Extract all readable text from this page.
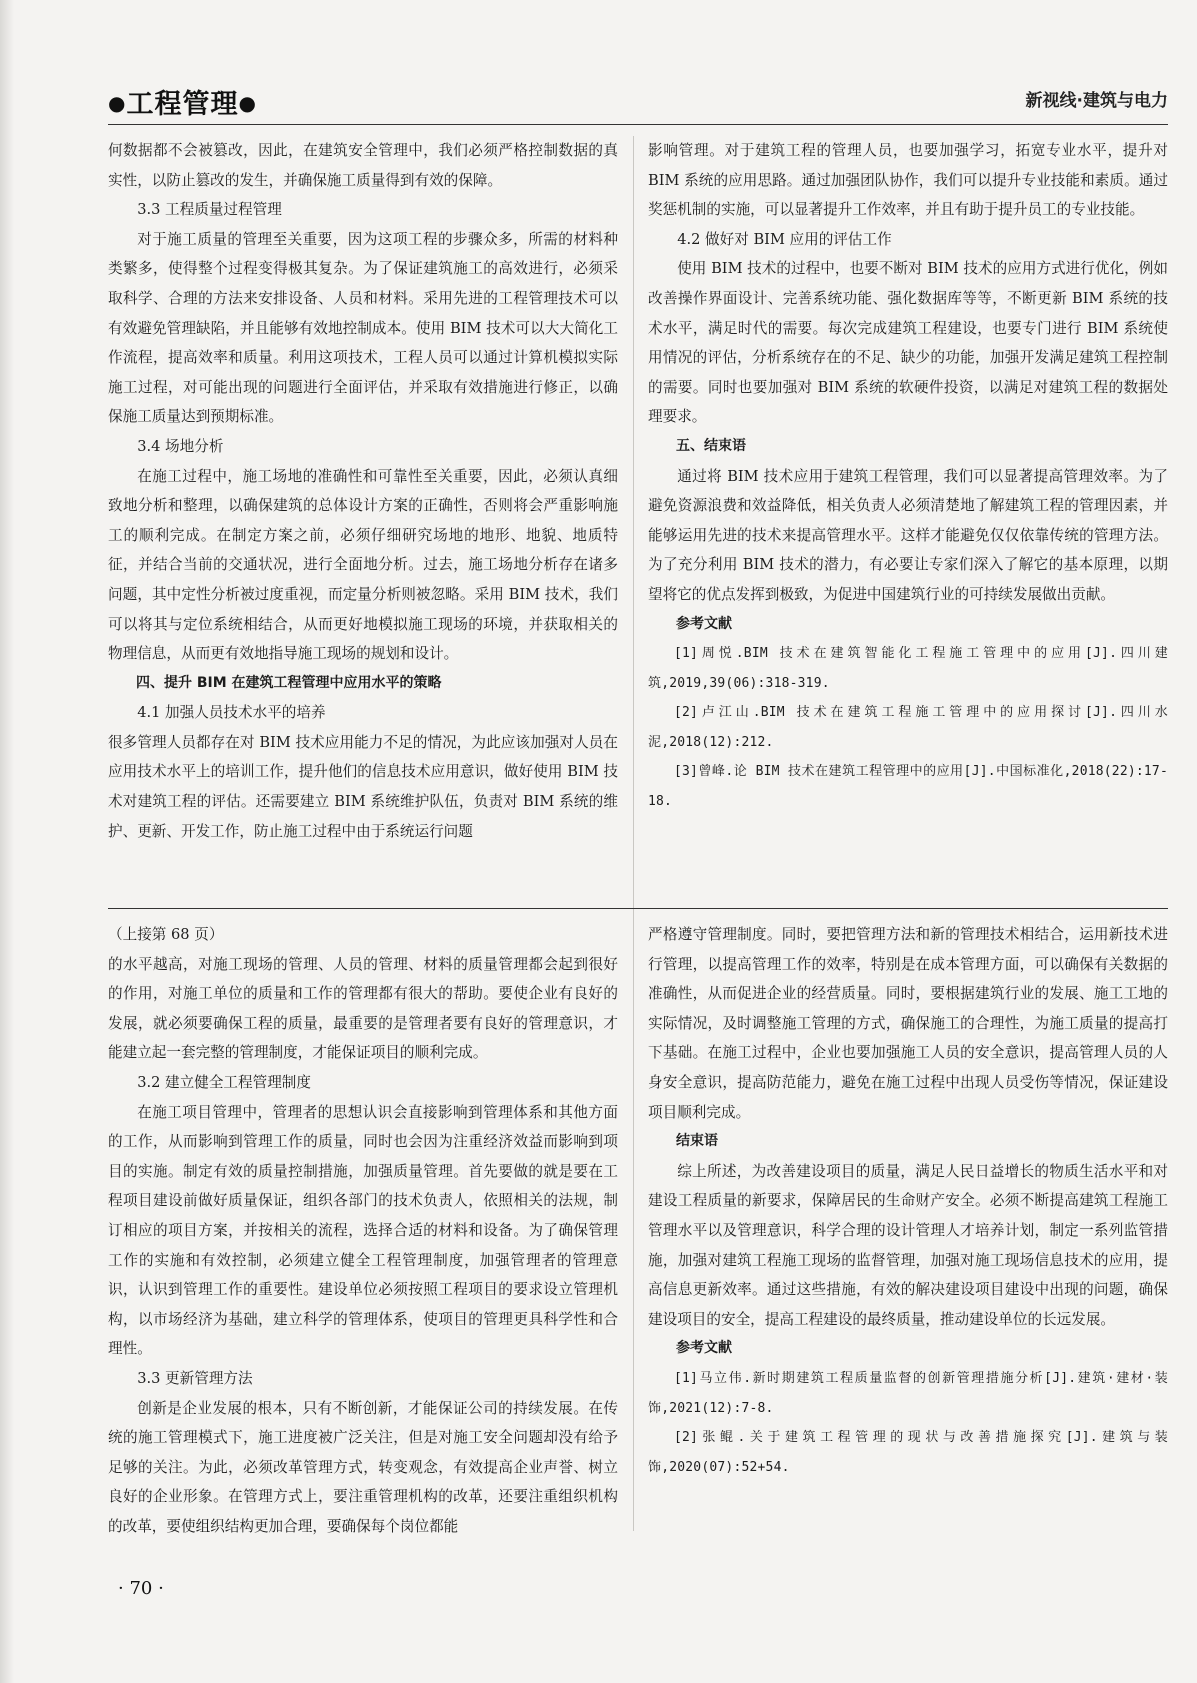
●工程管理●	新视线·建筑与电力

何数据都不会被篡改，因此，在建筑安全管理中，我们必须严格控制数据的真实性，以防止篡改的发生，并确保施工质量得到有效的保障。

3.3 工程质量过程管理

对于施工质量的管理至关重要，因为这项工程的步骤众多，所需的材料种类繁多，使得整个过程变得极其复杂。为了保证建筑施工的高效进行，必须采取科学、合理的方法来安排设备、人员和材料。采用先进的工程管理技术可以有效避免管理缺陷，并且能够有效地控制成本。使用 BIM 技术可以大大简化工作流程，提高效率和质量。利用这项技术，工程人员可以通过计算机模拟实际施工过程，对可能出现的问题进行全面评估，并采取有效措施进行修正，以确保施工质量达到预期标准。

3.4 场地分析

在施工过程中，施工场地的准确性和可靠性至关重要，因此，必须认真细致地分析和整理，以确保建筑的总体设计方案的正确性，否则将会严重影响施工的顺利完成。在制定方案之前，必须仔细研究场地的地形、地貌、地质特征，并结合当前的交通状况，进行全面地分析。过去，施工场地分析存在诸多问题，其中定性分析被过度重视，而定量分析则被忽略。采用 BIM 技术，我们可以将其与定位系统相结合，从而更好地模拟施工现场的环境，并获取相关的物理信息，从而更有效地指导施工现场的规划和设计。

四、提升 BIM 在建筑工程管理中应用水平的策略

4.1 加强人员技术水平的培养

很多管理人员都存在对 BIM 技术应用能力不足的情况，为此应该加强对人员在应用技术水平上的培训工作，提升他们的信息技术应用意识，做好使用 BIM 技术对建筑工程的评估。还需要建立 BIM 系统维护队伍，负责对 BIM 系统的维护、更新、开发工作，防止施工过程中由于系统运行问题

影响管理。对于建筑工程的管理人员，也要加强学习，拓宽专业水平，提升对 BIM 系统的应用思路。通过加强团队协作，我们可以提升专业技能和素质。通过奖惩机制的实施，可以显著提升工作效率，并且有助于提升员工的专业技能。

4.2 做好对 BIM 应用的评估工作

使用 BIM 技术的过程中，也要不断对 BIM 技术的应用方式进行优化，例如改善操作界面设计、完善系统功能、强化数据库等等，不断更新 BIM 系统的技术水平，满足时代的需要。每次完成建筑工程建设，也要专门进行 BIM 系统使用情况的评估，分析系统存在的不足、缺少的功能，加强开发满足建筑工程控制的需要。同时也要加强对 BIM 系统的软硬件投资，以满足对建筑工程的数据处理要求。

五、结束语

通过将 BIM 技术应用于建筑工程管理，我们可以显著提高管理效率。为了避免资源浪费和效益降低，相关负责人必须清楚地了解建筑工程的管理因素，并能够运用先进的技术来提高管理水平。这样才能避免仅仅依靠传统的管理方法。为了充分利用 BIM 技术的潜力，有必要让专家们深入了解它的基本原理，以期望将它的优点发挥到极致，为促进中国建筑行业的可持续发展做出贡献。

参考文献

[1]周悦.BIM 技术在建筑智能化工程施工管理中的应用[J].四川建筑,2019,39(06):318-319.

[2]卢江山.BIM 技术在建筑工程施工管理中的应用探讨[J].四川水泥,2018(12):212.

[3]曾峰.论 BIM 技术在建筑工程管理中的应用[J].中国标准化,2018(22):17-18.

（上接第 68 页）

的水平越高，对施工现场的管理、人员的管理、材料的质量管理都会起到很好的作用，对施工单位的质量和工作的管理都有很大的帮助。要使企业有良好的发展，就必须要确保工程的质量，最重要的是管理者要有良好的管理意识，才能建立起一套完整的管理制度，才能保证项目的顺利完成。

3.2 建立健全工程管理制度

在施工项目管理中，管理者的思想认识会直接影响到管理体系和其他方面的工作，从而影响到管理工作的质量，同时也会因为注重经济效益而影响到项目的实施。制定有效的质量控制措施，加强质量管理。首先要做的就是要在工程项目建设前做好质量保证，组织各部门的技术负责人，依照相关的法规，制订相应的项目方案，并按相关的流程，选择合适的材料和设备。为了确保管理工作的实施和有效控制，必须建立健全工程管理制度，加强管理者的管理意识，认识到管理工作的重要性。建设单位必须按照工程项目的要求设立管理机构，以市场经济为基础，建立科学的管理体系，使项目的管理更具科学性和合理性。

3.3 更新管理方法

创新是企业发展的根本，只有不断创新，才能保证公司的持续发展。在传统的施工管理模式下，施工进度被广泛关注，但是对施工安全问题却没有给予足够的关注。为此，必须改革管理方式，转变观念，有效提高企业声誉、树立良好的企业形象。在管理方式上，要注重管理机构的改革，还要注重组织机构的改革，要使组织结构更加合理，要确保每个岗位都能

严格遵守管理制度。同时，要把管理方法和新的管理技术相结合，运用新技术进行管理，以提高管理工作的效率，特别是在成本管理方面，可以确保有关数据的准确性，从而促进企业的经营质量。同时，要根据建筑行业的发展、施工工地的实际情况，及时调整施工管理的方式，确保施工的合理性，为施工质量的提高打下基础。在施工过程中，企业也要加强施工人员的安全意识，提高管理人员的人身安全意识，提高防范能力，避免在施工过程中出现人员受伤等情况，保证建设项目顺利完成。

结束语

综上所述，为改善建设项目的质量，满足人民日益增长的物质生活水平和对建设工程质量的新要求，保障居民的生命财产安全。必须不断提高建筑工程施工管理水平以及管理意识，科学合理的设计管理人才培养计划，制定一系列监管措施，加强对建筑工程施工现场的监督管理，加强对施工现场信息技术的应用，提高信息更新效率。通过这些措施，有效的解决建设项目建设中出现的问题，确保建设项目的安全，提高工程建设的最终质量，推动建设单位的长远发展。

参考文献

[1]马立伟.新时期建筑工程质量监督的创新管理措施分析[J].建筑·建材·装饰,2021(12):7-8.

[2]张鲲.关于建筑工程管理的现状与改善措施探究[J].建筑与装饰,2020(07):52+54.

· 70 ·
